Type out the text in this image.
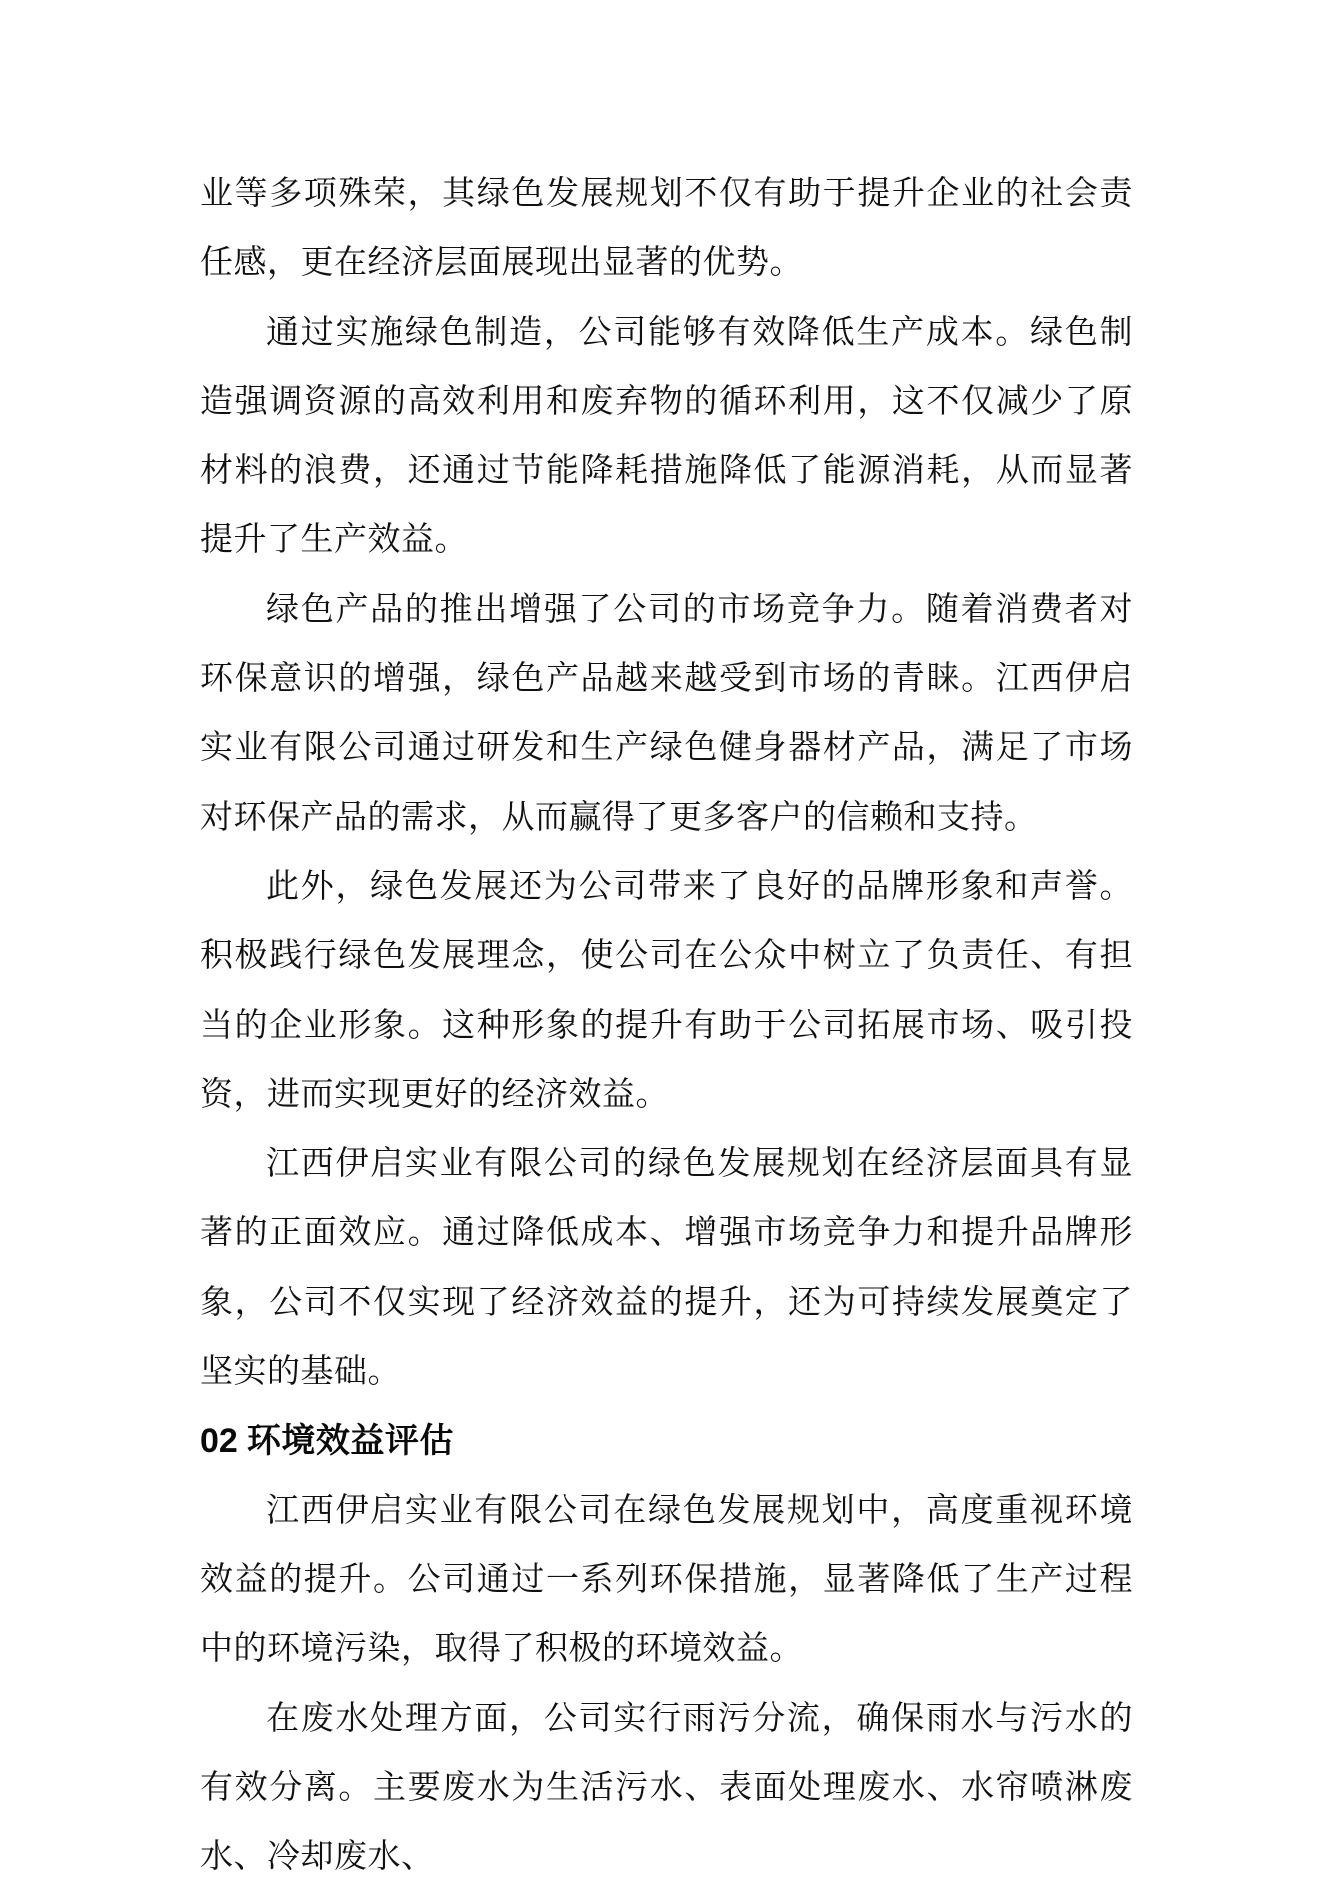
业等多项殊荣，其绿色发展规划不仅有助于提升企业的社会责任感，更在经济层面展现出显著的优势。

通过实施绿色制造，公司能够有效降低生产成本。绿色制造强调资源的高效利用和废弃物的循环利用，这不仅减少了原材料的浪费，还通过节能降耗措施降低了能源消耗，从而显著提升了生产效益。

绿色产品的推出增强了公司的市场竞争力。随着消费者对环保意识的增强，绿色产品越来越受到市场的青睐。江西伊启实业有限公司通过研发和生产绿色健身器材产品，满足了市场对环保产品的需求，从而赢得了更多客户的信赖和支持。

此外，绿色发展还为公司带来了良好的品牌形象和声誉。积极践行绿色发展理念，使公司在公众中树立了负责任、有担当的企业形象。这种形象的提升有助于公司拓展市场、吸引投资，进而实现更好的经济效益。

江西伊启实业有限公司的绿色发展规划在经济层面具有显著的正面效应。通过降低成本、增强市场竞争力和提升品牌形象，公司不仅实现了经济效益的提升，还为可持续发展奠定了坚实的基础。

02 环境效益评估

江西伊启实业有限公司在绿色发展规划中，高度重视环境效益的提升。公司通过一系列环保措施，显著降低了生产过程中的环境污染，取得了积极的环境效益。

在废水处理方面，公司实行雨污分流，确保雨水与污水的有效分离。主要废水为生活污水、表面处理废水、水帘喷淋废水、冷却废水、
